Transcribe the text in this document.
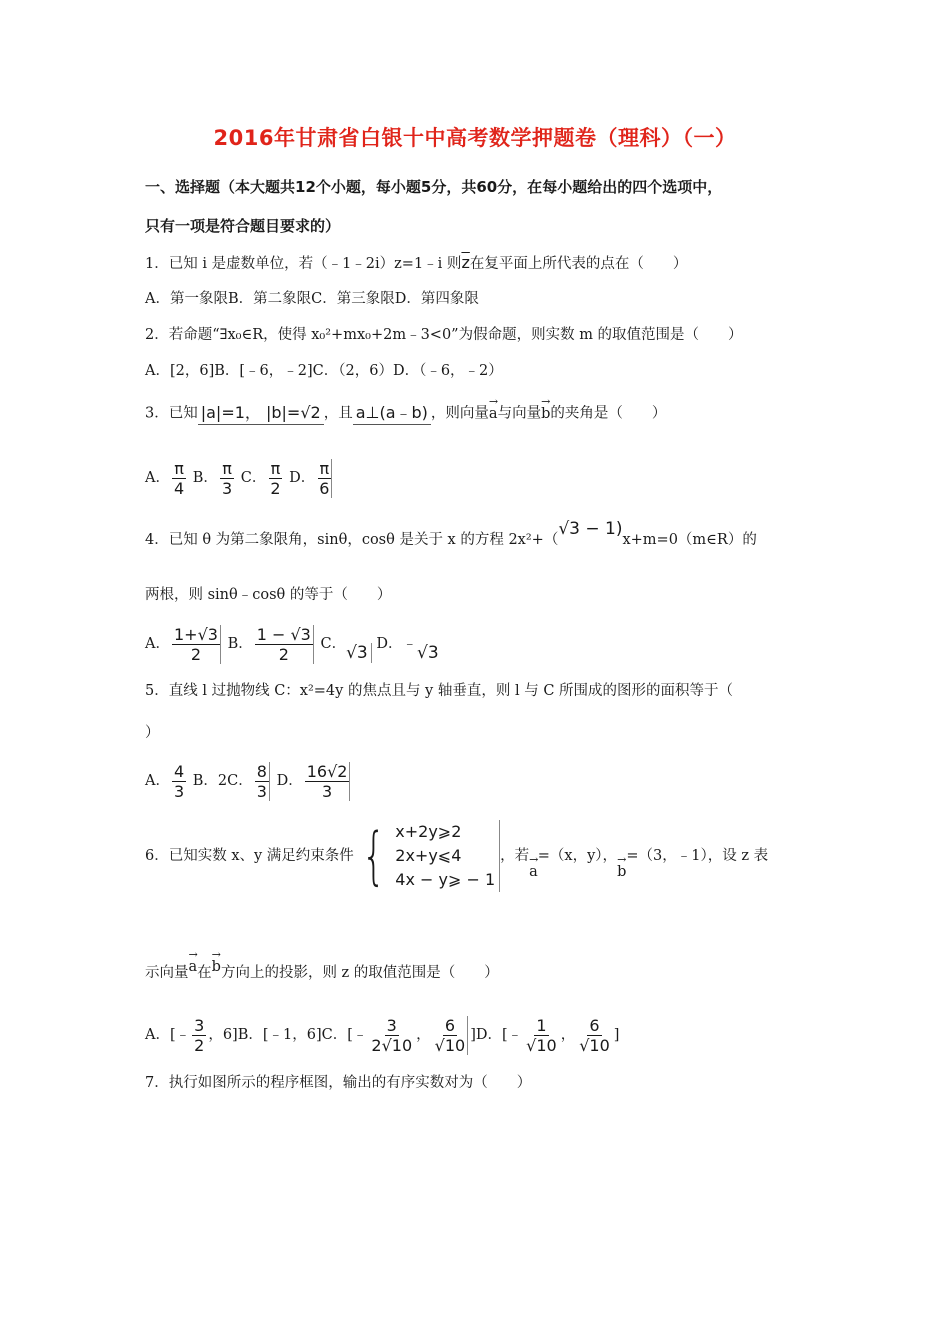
2016年甘肃省白银十中高考数学押题卷（理科）（一）
一、选择题（本大题共12个小题，每小题5分，共60分，在每小题给出的四个选项中，
只有一项是符合题目要求的）
1．已知 i 是虚数单位，若（﹣1﹣2i）z=1﹣i 则$\overline{z}$在复平面上所代表的点在（　　）
A．第一象限B．第二象限C．第三象限D．第四象限
2．若命题“∃x₀∈R，使得 x₀²+mx₀+2m﹣3<0”为假命题，则实数 m 的取值范围是（　　）
A．[2，6]B．[﹣6，﹣2]C．（2，6）D．（﹣6，﹣2）
3．已知 |a|=1， |b|=√2 ，且 a⊥(a﹣b) ，则向量→ a与向量→ b的夹角是（　　）
A． $\frac{\pi}{4}$ B． $\frac{\pi}{3}$ C． $\frac{\pi}{2}$ D． $\frac{\pi}{6}$
4．已知 θ 为第二象限角，sinθ，cosθ 是关于 x 的方程 2x²+（√3 − 1)x+m=0（m∈R）的
两根，则 sinθ﹣cosθ 的等于（　　）
A． $\frac{1+√3}{2}$ B． $\frac{1 - √3}{2}$ C．√3 D．﹣√3
5．直线 l 过抛物线 C：x²=4y 的焦点且与 y 轴垂直，则 l 与 C 所围成的图形的面积等于（
）
A． $\frac{4}{3}$ B．2C． $\frac{8}{3}$ D． $\frac{16√2}{3}$
6．已知实数 x、y 满足约束条件 { x+2y⩾2
2x+y⩽4
4x − y⩾ − 1
，若→ a=（x，y），→ b=（3，﹣1），设 z 表
示向量→ a在→ b方向上的投影，则 z 的取值范围是（　　）
A．[﹣ $\frac{3}{2}$ ，6]B．[﹣1，6]C．[﹣ $\frac{3}{2√10}$ ， $\frac{6}{√10} ]D$．[﹣ $\frac{1}{√10}$ ， $\frac{6}{√10}$ ]
7．执行如图所示的程序框图，输出的有序实数对为（　　）
